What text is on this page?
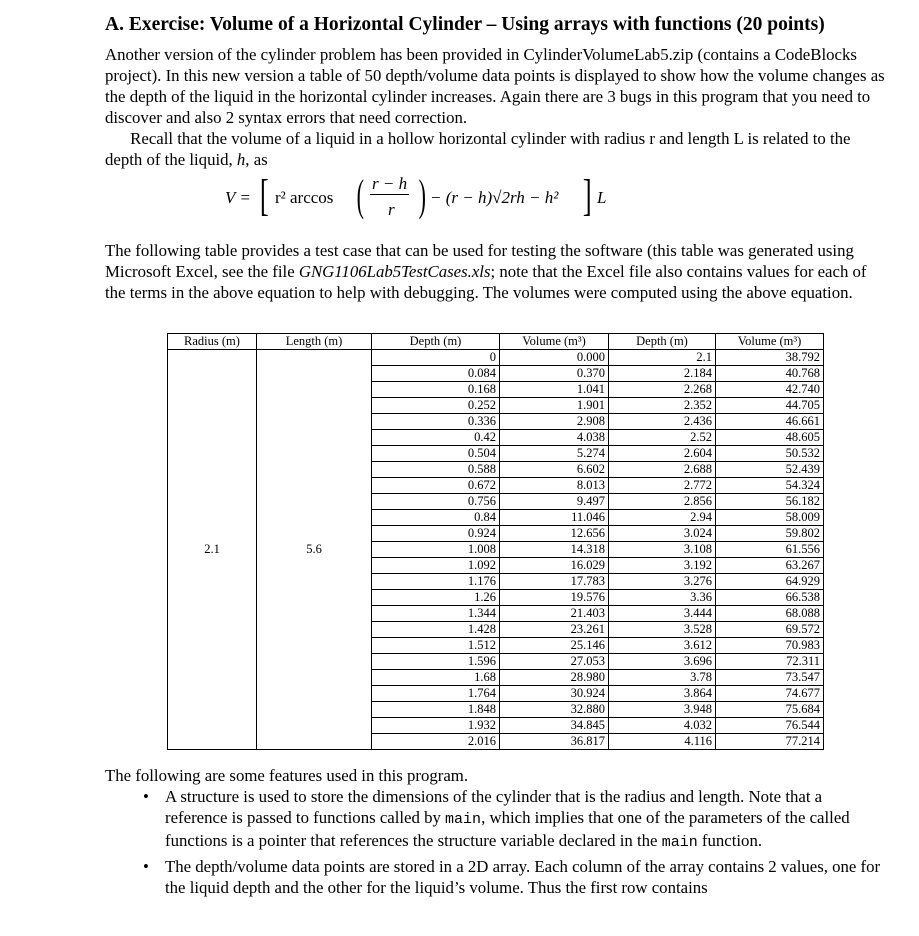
A. Exercise: Volume of a Horizontal Cylinder – Using arrays with functions (20 points)

Another version of the cylinder problem has been provided in CylinderVolumeLab5.zip (contains a CodeBlocks project). In this new version a table of 50 depth/volume data points is displayed to show how the volume changes as the depth of the liquid in the horizontal cylinder increases. Again there are 3 bugs in this program that you need to discover and also 2 syntax errors that need correction.

  Recall that the volume of a liquid in a hollow horizontal cylinder with radius r and length L is related to the depth of the liquid, h, as

V = [ r² arccos ( r − h
r ) − (r − h)√2rh − h² ] L

The following table provides a test case that can be used for testing the software (this table was generated using Microsoft Excel, see the file GNG1106Lab5TestCases.xls; note that the Excel file also contains values for each of the terms in the above equation to help with debugging. The volumes were computed using the above equation.

The following are some features used in this program.

• A structure is used to store the dimensions of the cylinder that is the radius and length. Note that a reference is passed to functions called by main, which implies that one of the parameters of the called functions is a pointer that references the structure variable declared in the main function.
• The depth/volume data points are stored in a 2D array. Each column of the array contains 2 values, one for the liquid depth and the other for the liquid’s volume. Thus the first row contains
Radius (m)	Length (m)	Depth (m)	Volume (m³)	Depth (m)	Volume (m³)
2.1	5.6	0	0.000	2.1	38.792
		0.084	0.370	2.184	40.768
		0.168	1.041	2.268	42.740
		0.252	1.901	2.352	44.705
		0.336	2.908	2.436	46.661
		0.42	4.038	2.52	48.605
		0.504	5.274	2.604	50.532
		0.588	6.602	2.688	52.439
		0.672	8.013	2.772	54.324
		0.756	9.497	2.856	56.182
		0.84	11.046	2.94	58.009
		0.924	12.656	3.024	59.802
		1.008	14.318	3.108	61.556
		1.092	16.029	3.192	63.267
		1.176	17.783	3.276	64.929
		1.26	19.576	3.36	66.538
		1.344	21.403	3.444	68.088
		1.428	23.261	3.528	69.572
		1.512	25.146	3.612	70.983
		1.596	27.053	3.696	72.311
		1.68	28.980	3.78	73.547
		1.764	30.924	3.864	74.677
		1.848	32.880	3.948	75.684
		1.932	34.845	4.032	76.544
		2.016	36.817	4.116	77.214
